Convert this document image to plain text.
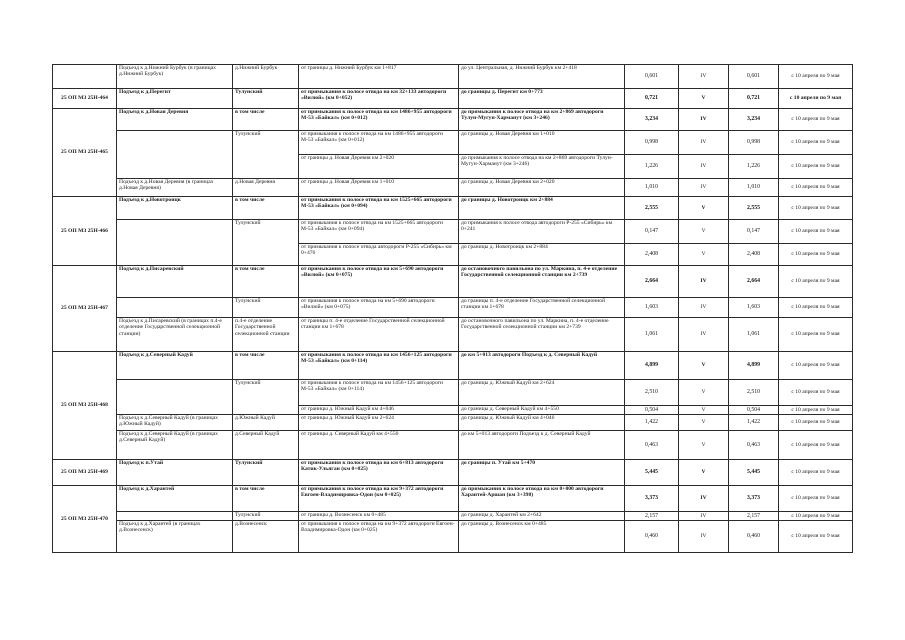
	Подъезд к д.Нижний Бурбук (в границах д.Нижний Бурбук)	д.Нижний Бурбук	от границы д. Нижний Бурбук км 1+817	до ул. Центральная, д. Нижний Бурбук км 2+418	0,601	IV	0,601	с 10 апреля по 9 мая
25 ОП МЗ 25Н-464	Подъезд к д.Перегит	Тулунский	от примыкания к полосе отвода на км 32+133 автодороги «Вилюй» (км 0+052)	до границы д. Перегит км 0+773	0,721	V	0,721	с 10 апреля по 9 мая
25 ОП МЗ 25Н-465	Подъезд к д.Новая Деревня	в том числе	от примыкания к полосе отвода на км 1486+955 автодороги М-53 «Байкал» (км 0+012)	до примыкания к полосе отвода на км 2+869 автодороги Тулун-Мугун-Харманут (км 3+246)	3,234	IV	3,234	с 10 апреля по 9 мая
		Тулунский	от примыкания к полосе отвода на км 1486+955 автодороги М-53 «Байкал» (км 0+012)	до границы д. Новая Деревня км 1+010	0,998	IV	0,998	с 10 апреля по 9 мая
			от границы д. Новая Деревня км 2+020	до примыкания к полосе отвода на км 2+869 автодороги Тулун-Мугун-Харманут (км 3+246)	1,226	IV	1,226	с 10 апреля по 9 мая
	Подъезд к д.Новая Деревня (в границах д.Новая Деревня)	д.Новая Деревня	от границы д. Новая Деревня км 1+010	до границы д. Новая Деревня км 2+020	1,010	IV	1,010	с 10 апреля по 9 мая
25 ОП МЗ 25Н-466	Подъезд к д.Новотроицк	в том числе	от примыкания к полосе отвода на км 1525+665 автодороги М-53 «Байкал» (км 0+094)	до границы д. Новотроицк км 2+884	2,555	V	2,555	с 10 апреля по 9 мая
		Тулунский	от примыкания к полосе отвода на км 1525+665 автодороги М-53 «Байкал» (км 0+094)	до примыкания к полосе отвода автодороги Р-255 «Сибирь» км 0+241	0,147	V	0,147	с 10 апреля по 9 мая
			от примыкания к полосе отвода автодороги Р-255 «Сибирь» км 0+476	до границы д. Новотроицк км 2+884	2,408	V	2,408	с 10 апреля по 9 мая
25 ОП МЗ 25Н-467	Подъезд к д.Писаревский	в том числе	от примыкания к полосе отвода на км 5+690 автодороги «Вилюй» (км 0+075)	до остановочного павильона по ул. Маркина, п. 4-е отделение Государственной селекционной станции км 2+739	2,664	IV	2,664	с 10 апреля по 9 мая
		Тулунский	от примыкания к полосе отвода на км 5+690 автодороги «Вилюй» (км 0+075)	до границы п. 4-е отделение Государственной селекционной станции км 1+678	1,603	IV	1,603	с 10 апреля по 9 мая
	Подъезд к д.Писаревский (в границах п.4-е отделение Государственной селекционной станции)	п.4-е отделение Государственной селекционной станции	от границы п. 4-е отделение Государственной селекционной станции км 1+678	до остановочного павильона по ул. Маркина, п. 4-е отделение Государственной селекционной станции км 2+739	1,061	IV	1,061	с 10 апреля по 9 мая
25 ОП МЗ 25Н-468	Подъезд к д.Северный Кадуй	в том числе	от примыкания к полосе отвода на км 1456+125 автодороги М-53 «Байкал» (км 0+114)	до км 5+013 автодороги Подъезд к д. Северный Кадуй	4,899	V	4,899	с 10 апреля по 9 мая
		Тулунский	от примыкания к полосе отвода на км 1456+125 автодороги М-53 «Байкал» (км 0+114)	до границы д. Южный Кадуй км 2+624	2,510	V	2,510	с 10 апреля по 9 мая
			от границы д. Южный Кадуй км 4+046	до границы д. Северный Кадуй км 4+550	0,504	V	0,504	с 10 апреля по 9 мая
	Подъезд к д.Северный Кадуй (в границах д.Южный Кадуй)	д.Южный Кадуй	от границы д. Южный Кадуй км 2+624	до границы д. Южный Кадуй км 4+046	1,422	V	1,422	с 10 апреля по 9 мая
	Подъезд к д.Северный Кадуй (в границах д.Северный Кадуй)	д.Северный Кадуй	от границы д. Северный Кадуй км 4+550	до км 5+013 автодороги Подъезд к д. Северный Кадуй	0,463	V	0,463	с 10 апреля по 9 мая
25 ОП МЗ 25Н-469	Подъезд к п.Утай	Тулунский	от примыкания к полосе отвода на км 6+813 автодороги Катик-Ульяган (км 0+025)	до границы п. Утай км 5+470	5,445	V	5,445	с 10 апреля по 9 мая
25 ОП МЗ 25Н-470	Подъезд к д.Харантей	в том числе	от примыкания к полосе отвода на км 9+372 автодороги Евгоен-Владимировка-Одон (км 0+025)	до примыкания к полосе отвода на км 0+000 автодороги Харантей-Аршан (км 3+398)	3,373	IV	3,373	с 10 апреля по 9 мая
		Тулунский	от границы д. Вознесенск км 0+485	до границы д. Харантей км 2+642	2,157	IV	2,157	с 10 апреля по 9 мая
	Подъезд к д.Харантей (в границах д.Вознесенск)	д.Вознесенск	от примыкания к полосе отвода на км 9+372 автодороги Евгоен-Владимировка-Одон (км 0+025)	до границы д. Вознесенск км 0+485	0,460	IV	0,460	с 10 апреля по 9 мая
